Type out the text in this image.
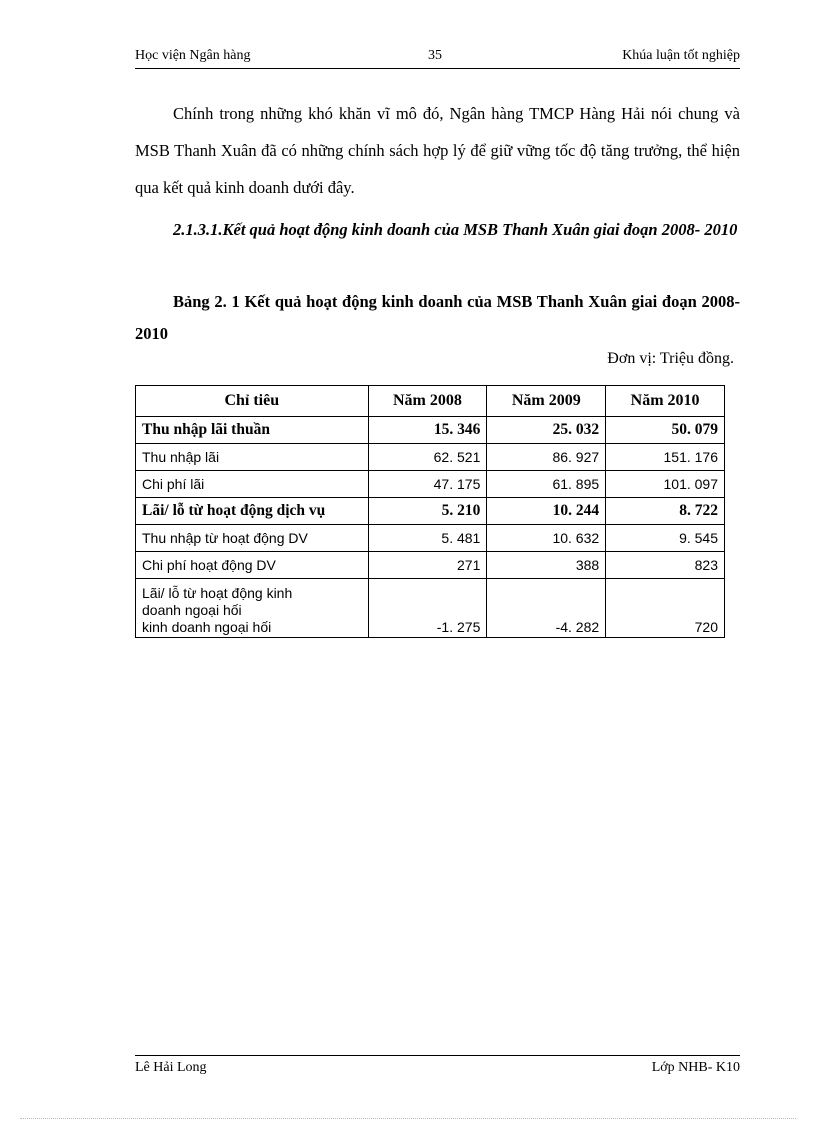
Học viện Ngân hàng	35	Khúa luận tốt nghiệp
Chính trong những khó khăn vĩ mô đó, Ngân hàng TMCP Hàng Hải nói chung và MSB Thanh Xuân đã có những chính sách hợp lý để giữ vững tốc độ tăng trưởng, thể hiện qua kết quả kinh doanh dưới đây.
2.1.3.1.Kết quả hoạt động kinh doanh của MSB Thanh Xuân giai đoạn 2008- 2010
Bảng 2. 1 Kết quả hoạt động kinh doanh của MSB Thanh Xuân giai đoạn 2008- 2010
Đơn vị: Triệu đồng.
Chỉ tiêu	Năm 2008	Năm 2009	Năm 2010
Thu nhập lãi thuần	15. 346	25. 032	50. 079
Thu nhập lãi	62. 521	86. 927	151. 176
Chi phí lãi	47. 175	61. 895	101. 097
Lãi/ lỗ từ hoạt động dịch vụ	5. 210	10. 244	8. 722
Thu nhập từ hoạt động DV	5. 481	10. 632	9. 545
Chi phí hoạt động DV	271	388	823

Lãi/ lỗ từ hoạt động kinh
doanh ngoại hối
kinh doanh ngoại hối	-1. 275	-4. 282	720
Lê Hải Long	Lớp NHB- K10
